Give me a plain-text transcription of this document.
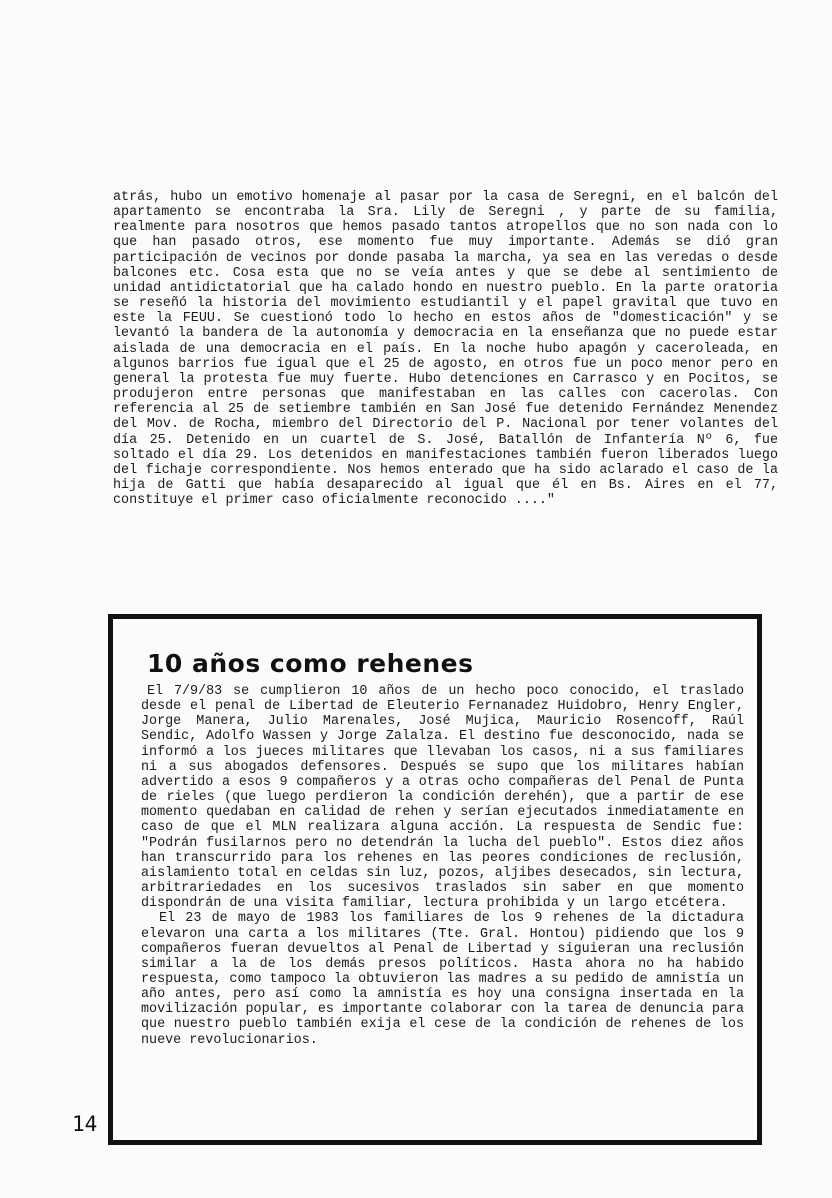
atrás, hubo un emotivo homenaje al pasar por la casa de Seregni, en el balcón del apartamento se encontraba la Sra. Lily de Seregni , y parte de su familia, realmente para nosotros que hemos pasado tantos atropellos que no son nada con lo que han pasado otros, ese momento fue muy importante. Además se dió gran participación de vecinos por donde pasaba la marcha, ya sea en las veredas o desde balcones etc. Cosa esta que no se veía antes y que se debe al sentimiento de unidad antidictatorial que ha calado hondo en nuestro pueblo. En la parte oratoria se reseñó la historia del movimiento estudiantil y el papel gravital que tuvo en este la FEUU. Se cuestionó todo lo hecho en estos años de "domesticación" y se levantó la bandera de la autonomía y democracia en la enseñanza que no puede estar aislada de una democracia en el país. En la noche hubo apagón y caceroleada, en algunos barrios fue igual que el 25 de agosto, en otros fue un poco menor pero en general la protesta fue muy fuerte. Hubo detenciones en Carrasco y en Pocitos, se produjeron entre personas que manifestaban en las calles con cacerolas. Con referencia al 25 de setiembre también en San José fue detenido Fernández Menendez del Mov. de Rocha, miembro del Directorio del P. Nacional por tener volantes del día 25. Detenido en un cuartel de S. José, Batallón de Infantería Nº 6, fue soltado el día 29. Los detenidos en manifestaciones también fueron liberados luego del fichaje correspondiente. Nos hemos enterado que ha sido aclarado el caso de la hija de Gatti que había desaparecido al igual que él en Bs. Aires en el 77, constituye el primer caso oficialmente reconocido ...."

10 años como rehenes

El 7/9/83 se cumplieron 10 años de un hecho poco conocido, el traslado desde el penal de Libertad de Eleuterio Fernanadez Huidobro, Henry Engler, Jorge Manera, Julio Marenales, José Mujica, Mauricio Rosencoff, Raúl Sendic, Adolfo Wassen y Jorge Zalalza. El destino fue desconocido, nada se informó a los jueces militares que llevaban los casos, ni a sus familiares ni a sus abogados defensores. Después se supo que los militares habían advertido a esos 9 compañeros y a otras ocho compañeras del Penal de Punta de rieles (que luego perdieron la condición derehén), que a partir de ese momento quedaban en calidad de rehen y serían ejecutados inmediatamente en caso de que el MLN realizara alguna acción. La respuesta de Sendic fue: "Podrán fusilarnos pero no detendrán la lucha del pueblo". Estos diez años han transcurrido para los rehenes en las peores condiciones de reclusión, aislamiento total en celdas sin luz, pozos, aljibes desecados, sin lectura, arbitrariedades en los sucesivos traslados sin saber en que momento dispondrán de una visita familiar, lectura prohibida y un largo etcétera.

El 23 de mayo de 1983 los familiares de los 9 rehenes de la dictadura elevaron una carta a los militares (Tte. Gral. Hontou) pidiendo que los 9 compañeros fueran devueltos al Penal de Libertad y siguieran una reclusión similar a la de los demás presos políticos. Hasta ahora no ha habido respuesta, como tampoco la obtuvieron las madres a su pedido de amnistía un año antes, pero así como la amnistía es hoy una consigna insertada en la movilización popular, es importante colaborar con la tarea de denuncia para que nuestro pueblo también exija el cese de la condición de rehenes de los nueve revolucionarios.

14
